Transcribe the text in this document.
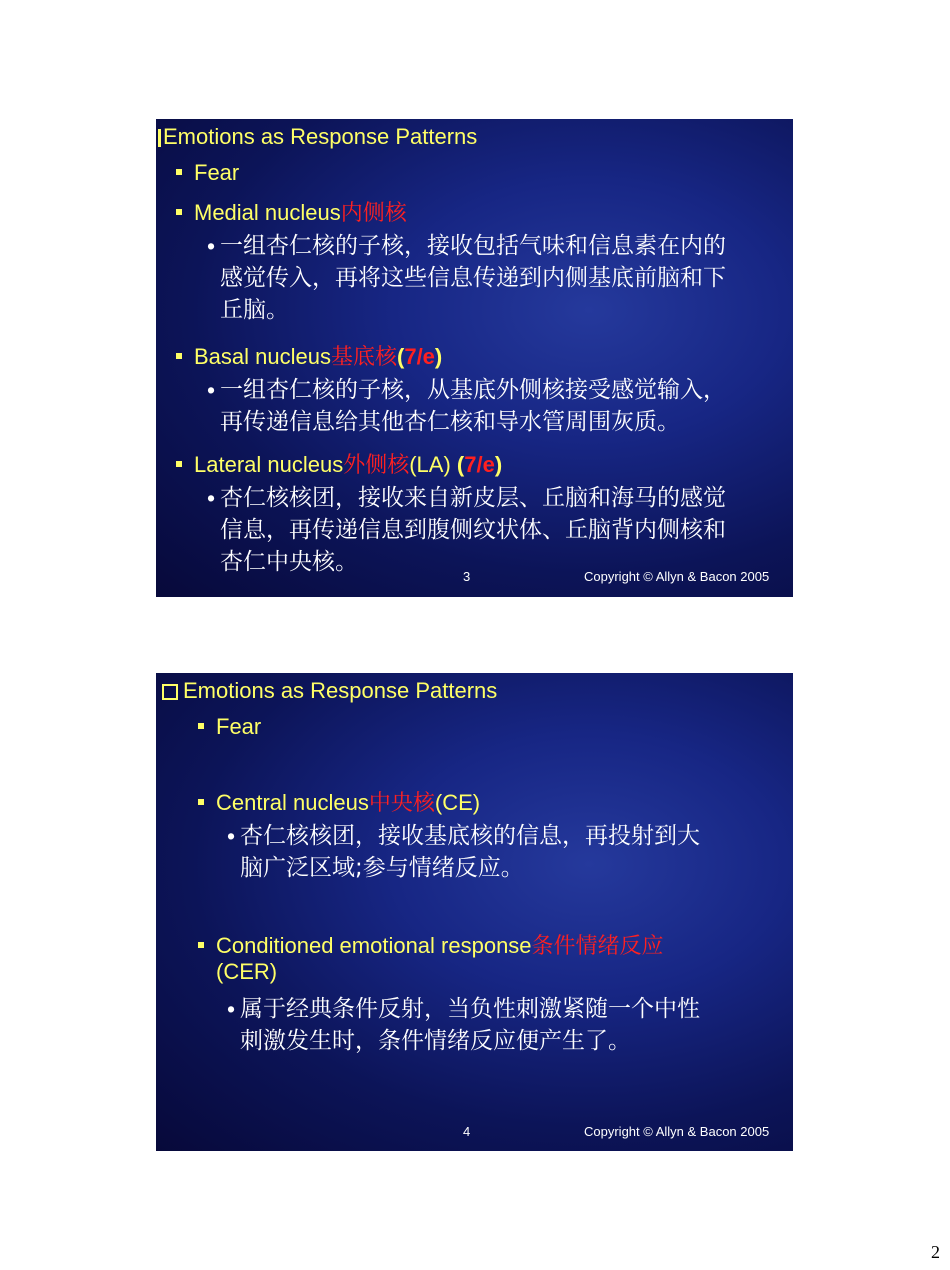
Emotions as Response Patterns
Fear
Medial nucleus内侧核
• 一组杏仁核的子核，接收包括气味和信息素在内的
感觉传入，再将这些信息传递到内侧基底前脑和下
丘脑。
Basal nucleus基底核(7/e)
• 一组杏仁核的子核，从基底外侧核接受感觉输入，
再传递信息给其他杏仁核和导水管周围灰质。
Lateral nucleus外侧核(LA) (7/e)
• 杏仁核核团，接收来自新皮层、丘脑和海马的感觉
信息，再传递信息到腹侧纹状体、丘脑背内侧核和
杏仁中央核。
3	Copyright © Allyn & Bacon 2005
Emotions as Response Patterns
Fear
Central nucleus中央核(CE)
• 杏仁核核团，接收基底核的信息，再投射到大
脑广泛区域;参与情绪反应。
Conditioned emotional response条件情绪反应
(CER)
• 属于经典条件反射，当负性刺激紧随一个中性
刺激发生时，条件情绪反应便产生了。
4	Copyright © Allyn & Bacon 2005
2
